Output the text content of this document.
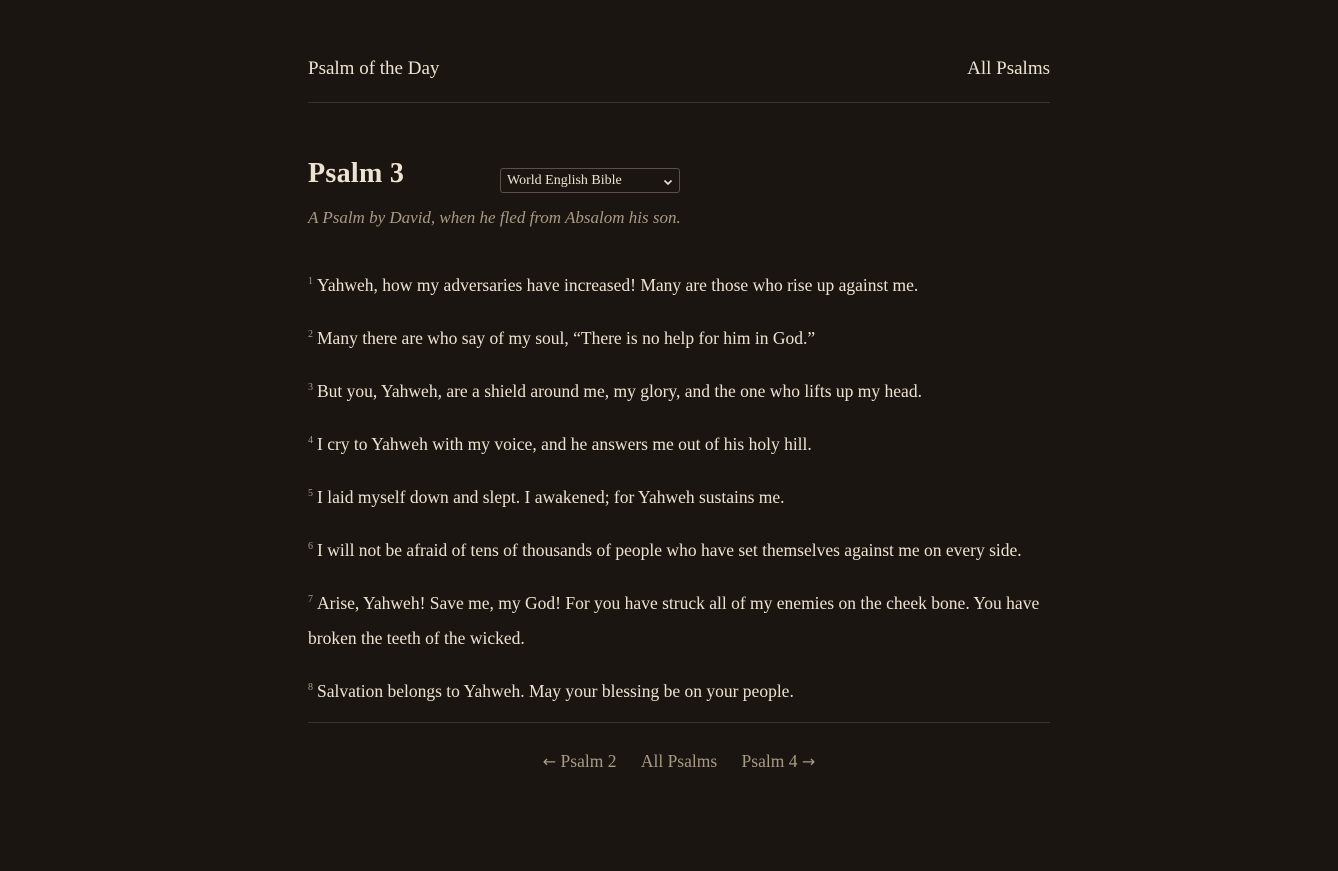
Psalm of the Day	All Psalms
Psalm 3	World English Bible
A Psalm by David, when he fled from Absalom his son.

$^1$ Yahweh, how my adversaries have increased! Many are those who rise up against me.

$^2$ Many there are who say of my soul, “There is no help for him in God.”

$^3$ But you, Yahweh, are a shield around me, my glory, and the one who lifts up my head.

$^4$ I cry to Yahweh with my voice, and he answers me out of his holy hill.

$^5$ I laid myself down and slept. I awakened; for Yahweh sustains me.

$^6$ I will not be afraid of tens of thousands of people who have set themselves against me on every side.

$^7$ Arise, Yahweh! Save me, my God! For you have struck all of my enemies on the cheek bone. You have broken the teeth of the wicked.

$^8$ Salvation belongs to Yahweh. May your blessing be on your people.

← Psalm 2 All Psalms Psalm 4 →
